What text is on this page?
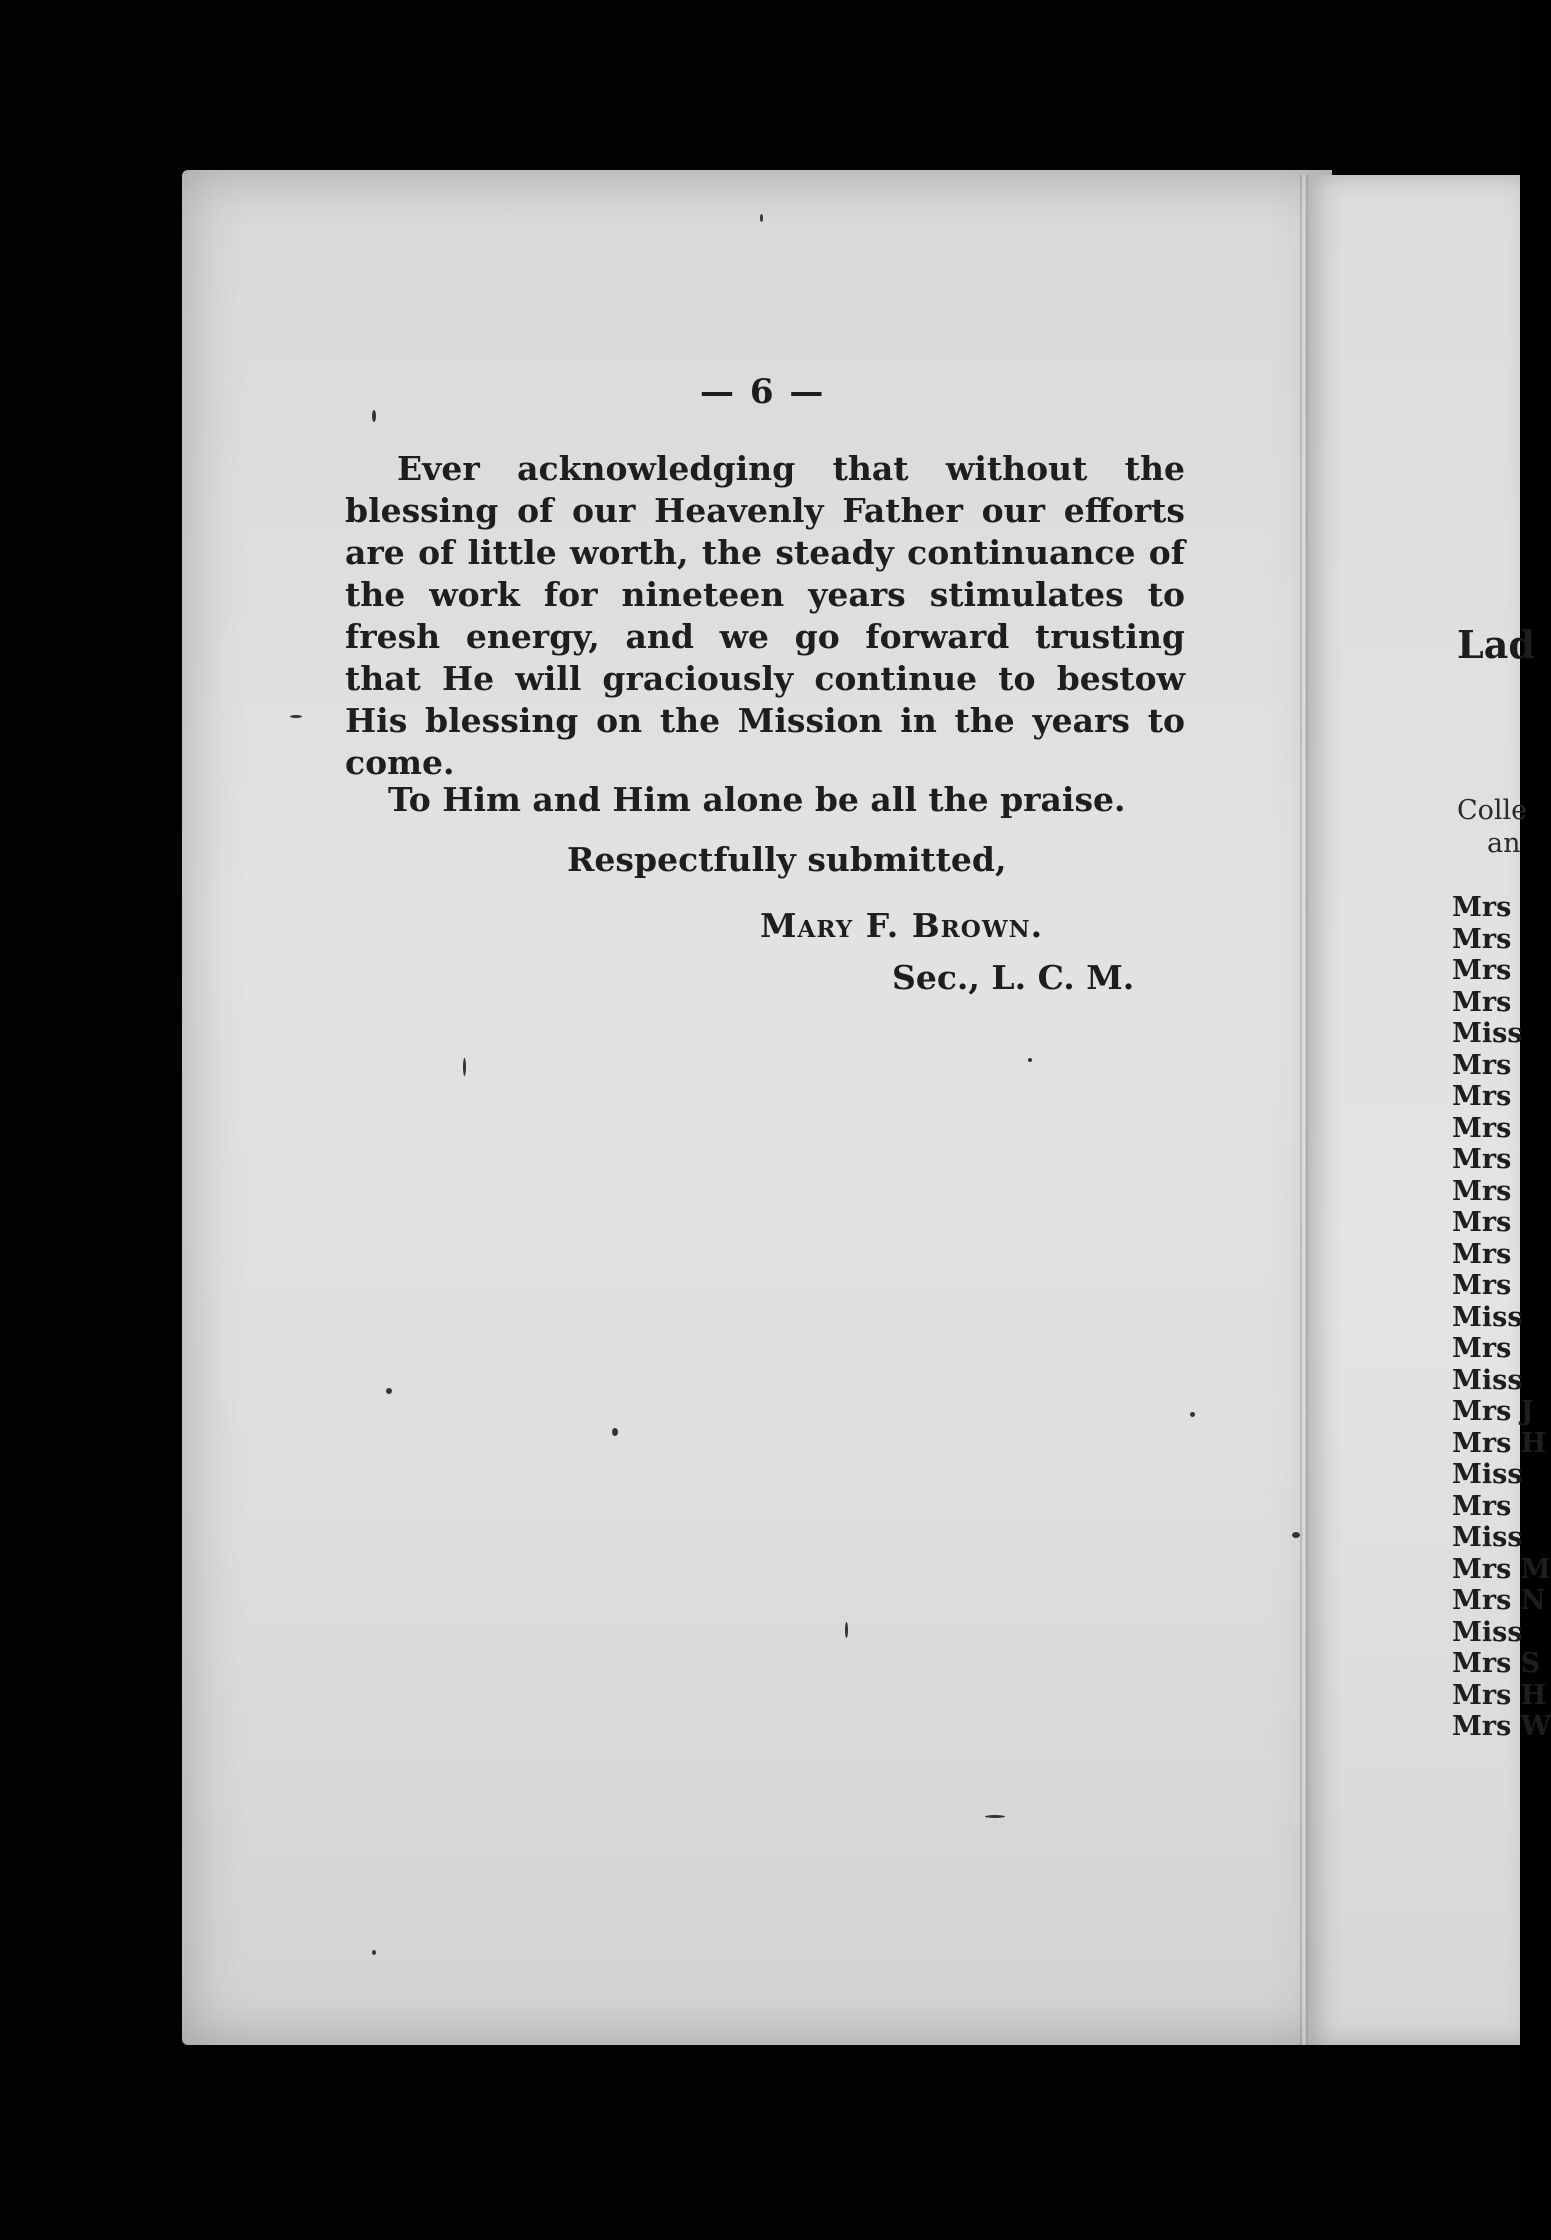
— 6 —
Ever acknowledging that without the blessing of our Heavenly Father our efforts are of little worth, the steady continuance of the work for nineteen years stimulates to fresh energy, and we go forward trusting that He will graciously continue to bestow His blessing on the Mission in the years to come.
To Him and Him alone be all the praise.
Respectfully submitted,
Mary F. Brown.
Sec., L. C. M.
Lad
Colle
an
Mrs
Mrs
Mrs
Mrs
Miss
Mrs
Mrs
Mrs
Mrs
Mrs
Mrs
Mrs
Mrs
Miss
Mrs
Miss
Mrs J
Mrs H
Miss
Mrs
Miss
Mrs M
Mrs N
Miss
Mrs S
Mrs H
Mrs W
